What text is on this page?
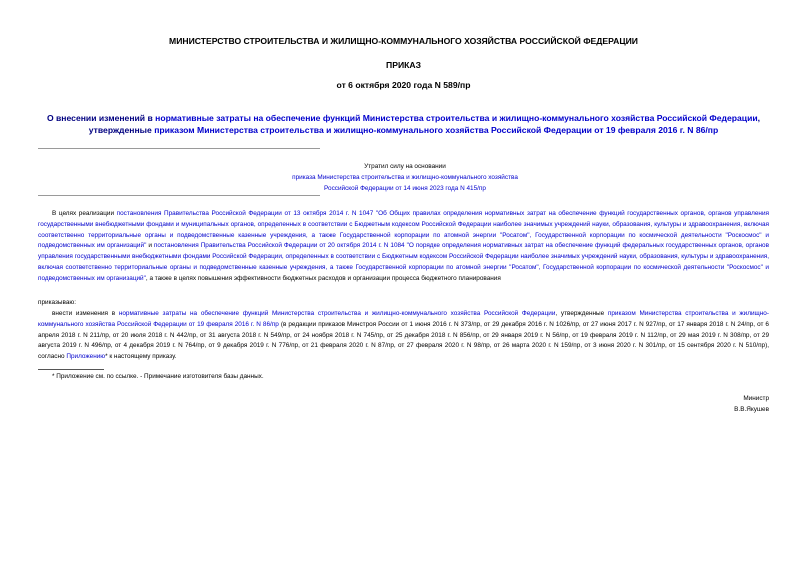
МИНИСТЕРСТВО СТРОИТЕЛЬСТВА И ЖИЛИЩНО-КОММУНАЛЬНОГО ХОЗЯЙСТВА РОССИЙСКОЙ ФЕДЕРАЦИИ
ПРИКАЗ
от 6 октября 2020 года N 589/пр
О внесении изменений в нормативные затраты на обеспечение функций Министерства строительства и жилищно-коммунального хозяйства Российской Федерации, утвержденные приказом Министерства строительства и жилищно-коммунального хозяйства Российской Федерации от 19 февраля 2016 г. N 86/пр
Утратил силу на основании
приказа Министерства строительства и жилищно-коммунального хозяйства
Российской Федерации от 14 июня 2023 года N 415/пр
В целях реализации постановления Правительства Российской Федерации от 13 октября 2014 г. N 1047 "Об Общих правилах определения нормативных затрат на обеспечение функций государственных органов, органов управления государственными внебюджетными фондами и муниципальных органов, определенных в соответствии с Бюджетным кодексом Российской Федерации наиболее значимых учреждений науки, образования, культуры и здравоохранения, включая соответственно территориальные органы и подведомственные казенные учреждения, а также Государственной корпорации по атомной энергии "Росатом", Государственной корпорации по космической деятельности "Роскосмос" и подведомственных им организаций" и постановления Правительства Российской Федерации от 20 октября 2014 г. N 1084 "О порядке определения нормативных затрат на обеспечение функций федеральных государственных органов, органов управления государственными внебюджетными фондами Российской Федерации, определенных в соответствии с Бюджетным кодексом Российской Федерации наиболее значимых учреждений науки, образования, культуры и здравоохранения, включая соответственно территориальные органы и подведомственные казенные учреждения, а также Государственной корпорации по атомной энергии "Росатом", Государственной корпорации по космической деятельности "Роскосмос" и подведомственных им организаций", а также в целях повышения эффективности бюджетных расходов и организации процесса бюджетного планирования
приказываю:
внести изменения в нормативные затраты на обеспечение функций Министерства строительства и жилищно-коммунального хозяйства Российской Федерации, утвержденные приказом Министерства строительства и жилищно-коммунального хозяйства Российской Федерации от 19 февраля 2016 г. N 86/пр (в редакции приказов Минстроя России от 1 июня 2016 г. N 373/пр, от 29 декабря 2016 г. N 1026/пр, от 27 июня 2017 г. N 927/пр, от 17 января 2018 г. N 24/пр, от 6 апреля 2018 г. N 211/пр, от 20 июля 2018 г. N 442/пр, от 31 августа 2018 г. N 549/пр, от 24 ноября 2018 г. N 745/пр, от 25 декабря 2018 г. N 856/пр, от 29 января 2019 г. N 56/пр, от 19 февраля 2019 г. N 112/пр, от 29 мая 2019 г. N 308/пр, от 29 августа 2019 г. N 496/пр, от 4 декабря 2019 г. N 764/пр, от 9 декабря 2019 г. N 776/пр, от 21 февраля 2020 г. N 87/пр, от 27 февраля 2020 г. N 98/пр, от 26 марта 2020 г. N 159/пр, от 3 июня 2020 г. N 301/пр, от 15 сентября 2020 г. N 510/пр), согласно Приложению* к настоящему приказу.
* Приложение см. по ссылке. - Примечание изготовителя базы данных.
Министр
В.В.Якушев
